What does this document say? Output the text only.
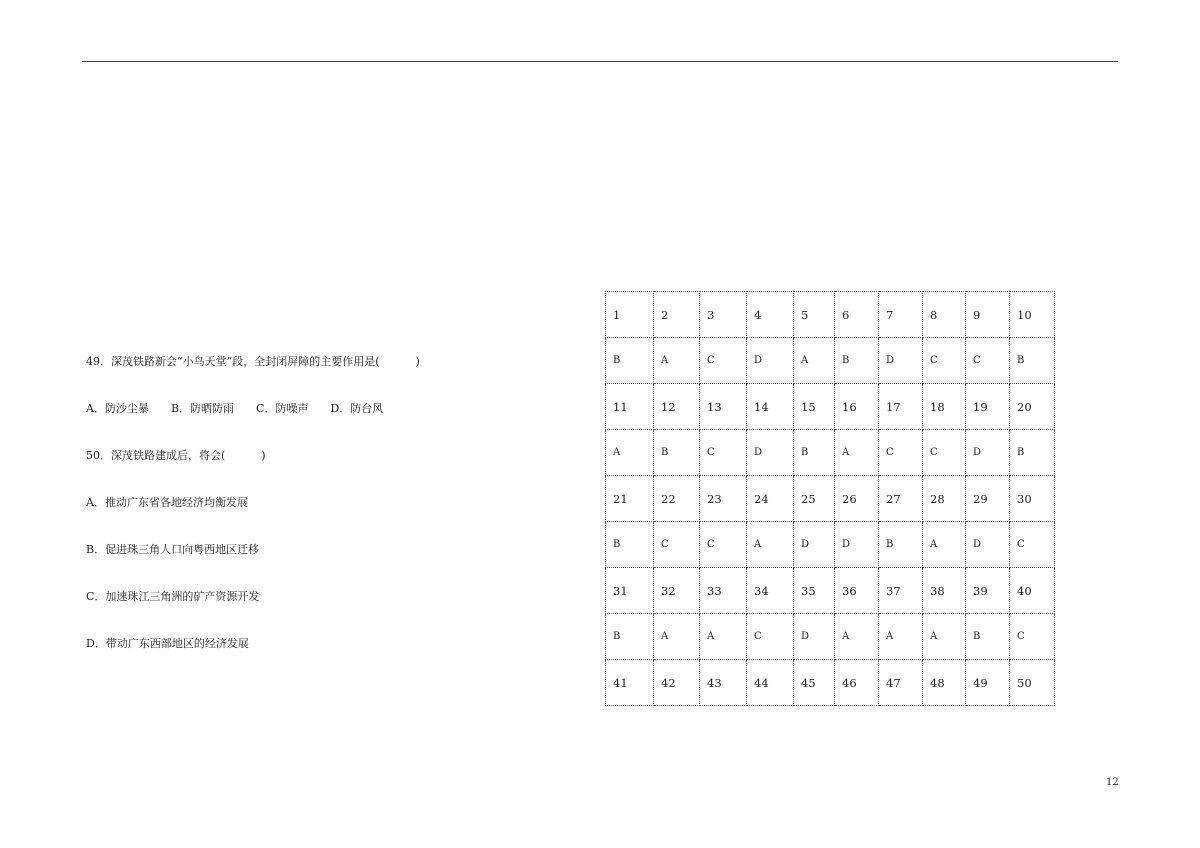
49．深茂铁路新会“小鸟天堂”段，全封闭屏障的主要作用是(	)
A．防沙尘暴 B．防晒防雨 C．防噪声 D．防台风
50．深茂铁路建成后，将会(	)
A．推动广东省各地经济均衡发展
B．促进珠三角人口向粤西地区迁移
C．加速珠江三角洲的矿产资源开发
D．带动广东西部地区的经济发展
1	2	3	4	5	6	7	8	9	10
B	A	C	D	A	B	D	C	C	B
11	12	13	14	15	16	17	18	19	20
A	B	C	D	B	A	C	C	D	B
21	22	23	24	25	26	27	28	29	30
B	C	C	A	D	D	B	A	D	C
31	32	33	34	35	36	37	38	39	40
B	A	A	C	D	A	A	A	B	C
41	42	43	44	45	46	47	48	49	50
12
